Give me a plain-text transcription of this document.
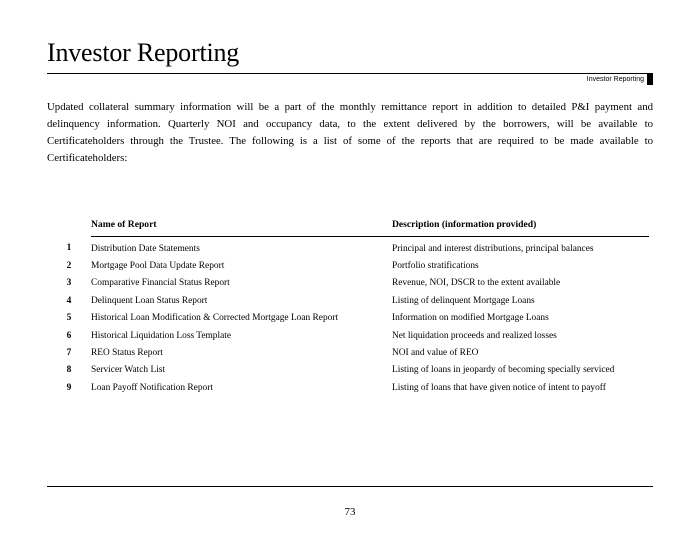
Investor Reporting
Investor Reporting

Updated collateral summary information will be a part of the monthly remittance report in addition to detailed P&I payment and delinquency information. Quarterly NOI and occupancy data, to the extent delivered by the borrowers, will be available to Certificateholders through the Trustee. The following is a list of some of the reports that are required to be made available to Certificateholders:

	Name of Report	Description (information provided)
1	Distribution Date Statements	Principal and interest distributions, principal balances
2	Mortgage Pool Data Update Report	Portfolio stratifications
3	Comparative Financial Status Report	Revenue, NOI, DSCR to the extent available
4	Delinquent Loan Status Report	Listing of delinquent Mortgage Loans
5	Historical Loan Modification & Corrected Mortgage Loan Report	Information on modified Mortgage Loans
6	Historical Liquidation Loss Template	Net liquidation proceeds and realized losses
7	REO Status Report	NOI and value of REO
8	Servicer Watch List	Listing of loans in jeopardy of becoming specially serviced
9	Loan Payoff Notification Report	Listing of loans that have given notice of intent to payoff
73
